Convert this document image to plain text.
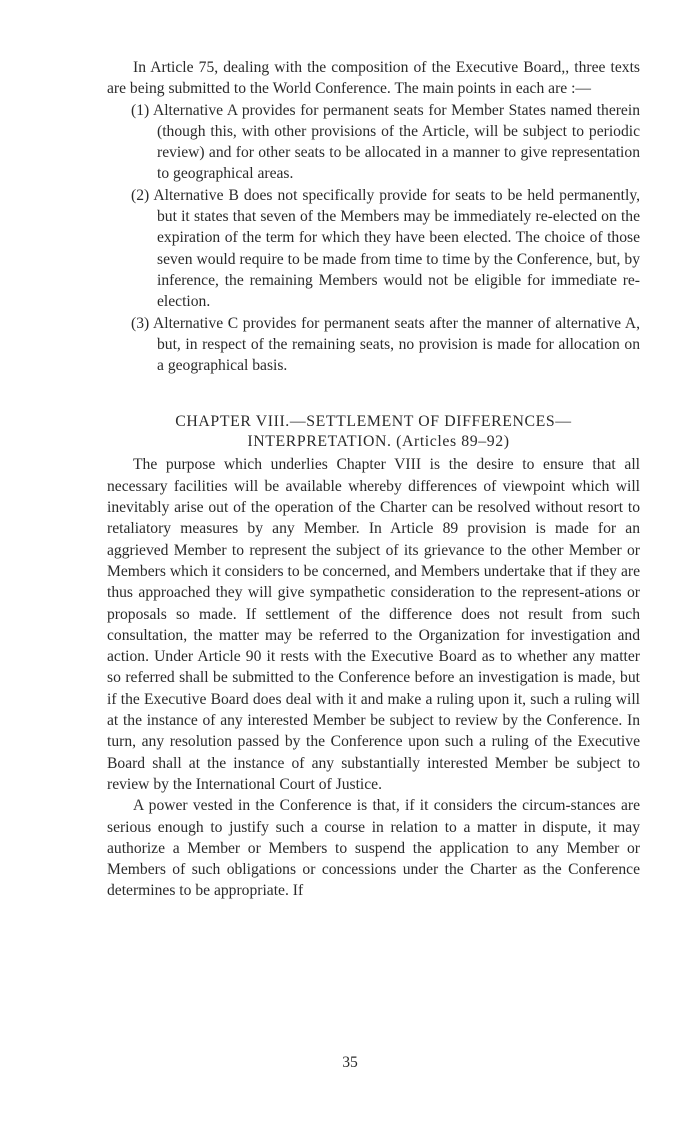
In Article 75, dealing with the composition of the Executive Board,, three texts are being submitted to the World Conference. The main points in each are :—

(1) Alternative A provides for permanent seats for Member States named therein (though this, with other provisions of the Article, will be subject to periodic review) and for other seats to be allocated in a manner to give representation to geographical areas.

(2) Alternative B does not specifically provide for seats to be held permanently, but it states that seven of the Members may be immediately re-elected on the expiration of the term for which they have been elected. The choice of those seven would require to be made from time to time by the Conference, but, by inference, the remaining Members would not be eligible for immediate re-election.

(3) Alternative C provides for permanent seats after the manner of alternative A, but, in respect of the remaining seats, no provision is made for allocation on a geographical basis.

CHAPTER VIII.—SETTLEMENT OF DIFFERENCES—
INTERPRETATION. (Articles 89–92)

The purpose which underlies Chapter VIII is the desire to ensure that all necessary facilities will be available whereby differences of viewpoint which will inevitably arise out of the operation of the Charter can be resolved without resort to retaliatory measures by any Member. In Article 89 provision is made for an aggrieved Member to represent the subject of its grievance to the other Member or Members which it considers to be concerned, and Members undertake that if they are thus approached they will give sympathetic consideration to the represent-ations or proposals so made. If settlement of the difference does not result from such consultation, the matter may be referred to the Organization for investigation and action. Under Article 90 it rests with the Executive Board as to whether any matter so referred shall be submitted to the Conference before an investigation is made, but if the Executive Board does deal with it and make a ruling upon it, such a ruling will at the instance of any interested Member be subject to review by the Conference. In turn, any resolution passed by the Conference upon such a ruling of the Executive Board shall at the instance of any substantially interested Member be subject to review by the International Court of Justice.

A power vested in the Conference is that, if it considers the circum-stances are serious enough to justify such a course in relation to a matter in dispute, it may authorize a Member or Members to suspend the application to any Member or Members of such obligations or concessions under the Charter as the Conference determines to be appropriate. If

35
